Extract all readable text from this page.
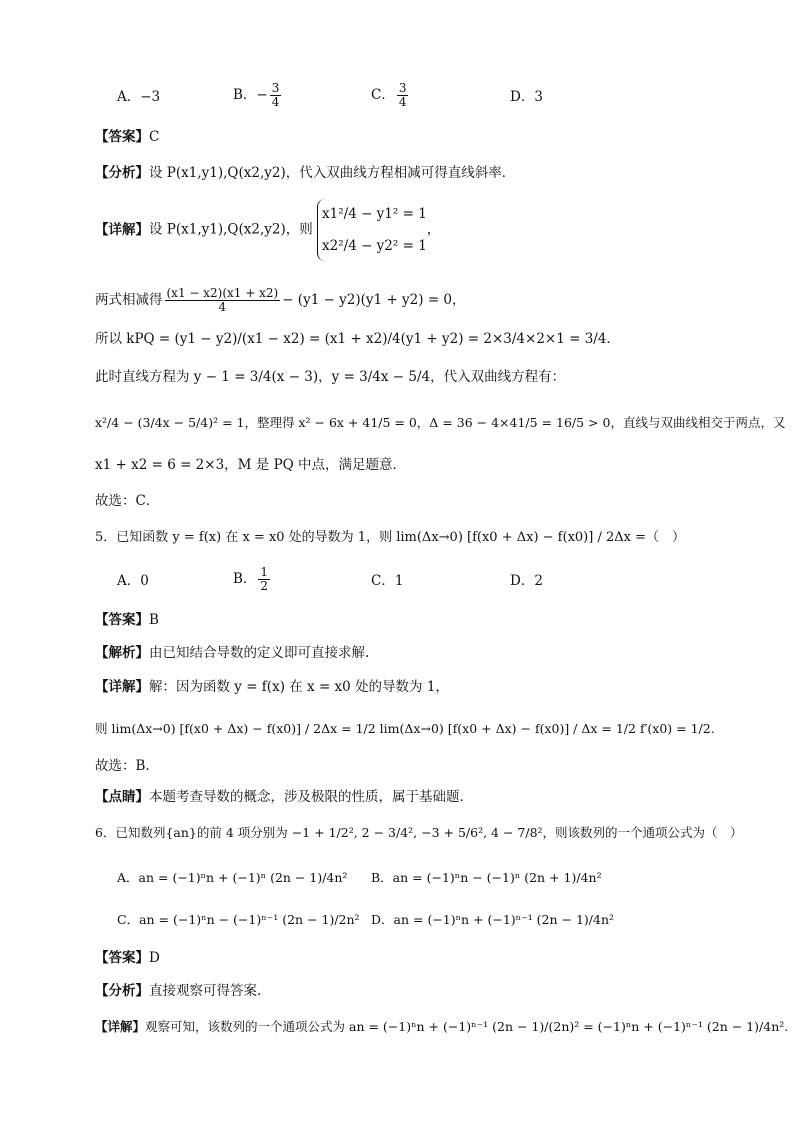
A．−3	B．− $\frac{3}{4}$	C． $\frac{3}{4}$	D．3
【答案】C
【分析】设 P(x1,y1),Q(x2,y2)，代入双曲线方程相减可得直线斜率．
【详解】设 P(x1,y1),Q(x2,y2)，则
x1²/4 − y1² = 1
x2²/4 − y2² = 1
，
两式相减得 $\frac{(x1 - x2)(x1 + x2)}{4} - (y1 - y2)(y1 + y2) = 0$，
所以 kPQ = (y1 − y2)/(x1 − x2) = (x1 + x2)/4(y1 + y2) = 2×3/4×2×1 = 3/4．
此时直线方程为 y − 1 = 3/4(x − 3)，y = 3/4x − 5/4，代入双曲线方程有：
x²/4 − (3/4x − 5/4)² = 1，整理得 x² − 6x + 41/5 = 0，Δ = 36 − 4×41/5 = 16/5 > 0，直线与双曲线相交于两点，又
x1 + x2 = 6 = 2×3，M 是 PQ 中点，满足题意．
故选：C．
5．已知函数 y = f(x) 在 x = x0 处的导数为 1，则 lim(Δx→0) [f(x0 + Δx) − f(x0)] / 2Δx =（　）
A．0	B． $\frac{1}{2}$	C．1	D．2
【答案】B
【解析】由已知结合导数的定义即可直接求解.
【详解】解：因为函数 y = f(x) 在 x = x0 处的导数为 1，
则 lim(Δx→0) [f(x0 + Δx) − f(x0)] / 2Δx = 1/2 lim(Δx→0) [f(x0 + Δx) − f(x0)] / Δx = 1/2 f′(x0) = 1/2.
故选：B.
【点睛】本题考查导数的概念，涉及极限的性质，属于基础题．
6．已知数列{an}的前 4 项分别为 −1 + 1/2², 2 − 3/4², −3 + 5/6², 4 − 7/8²，则该数列的一个通项公式为（　）
A．an = (−1)ⁿn + (−1)ⁿ (2n − 1)/4n² B．an = (−1)ⁿn − (−1)ⁿ (2n + 1)/4n²
C．an = (−1)ⁿn − (−1)ⁿ⁻¹ (2n − 1)/2n² D．an = (−1)ⁿn + (−1)ⁿ⁻¹ (2n − 1)/4n²
【答案】D
【分析】直接观察可得答案.
【详解】观察可知，该数列的一个通项公式为 an = (−1)ⁿn + (−1)ⁿ⁻¹ (2n − 1)/(2n)² = (−1)ⁿn + (−1)ⁿ⁻¹ (2n − 1)/4n².
